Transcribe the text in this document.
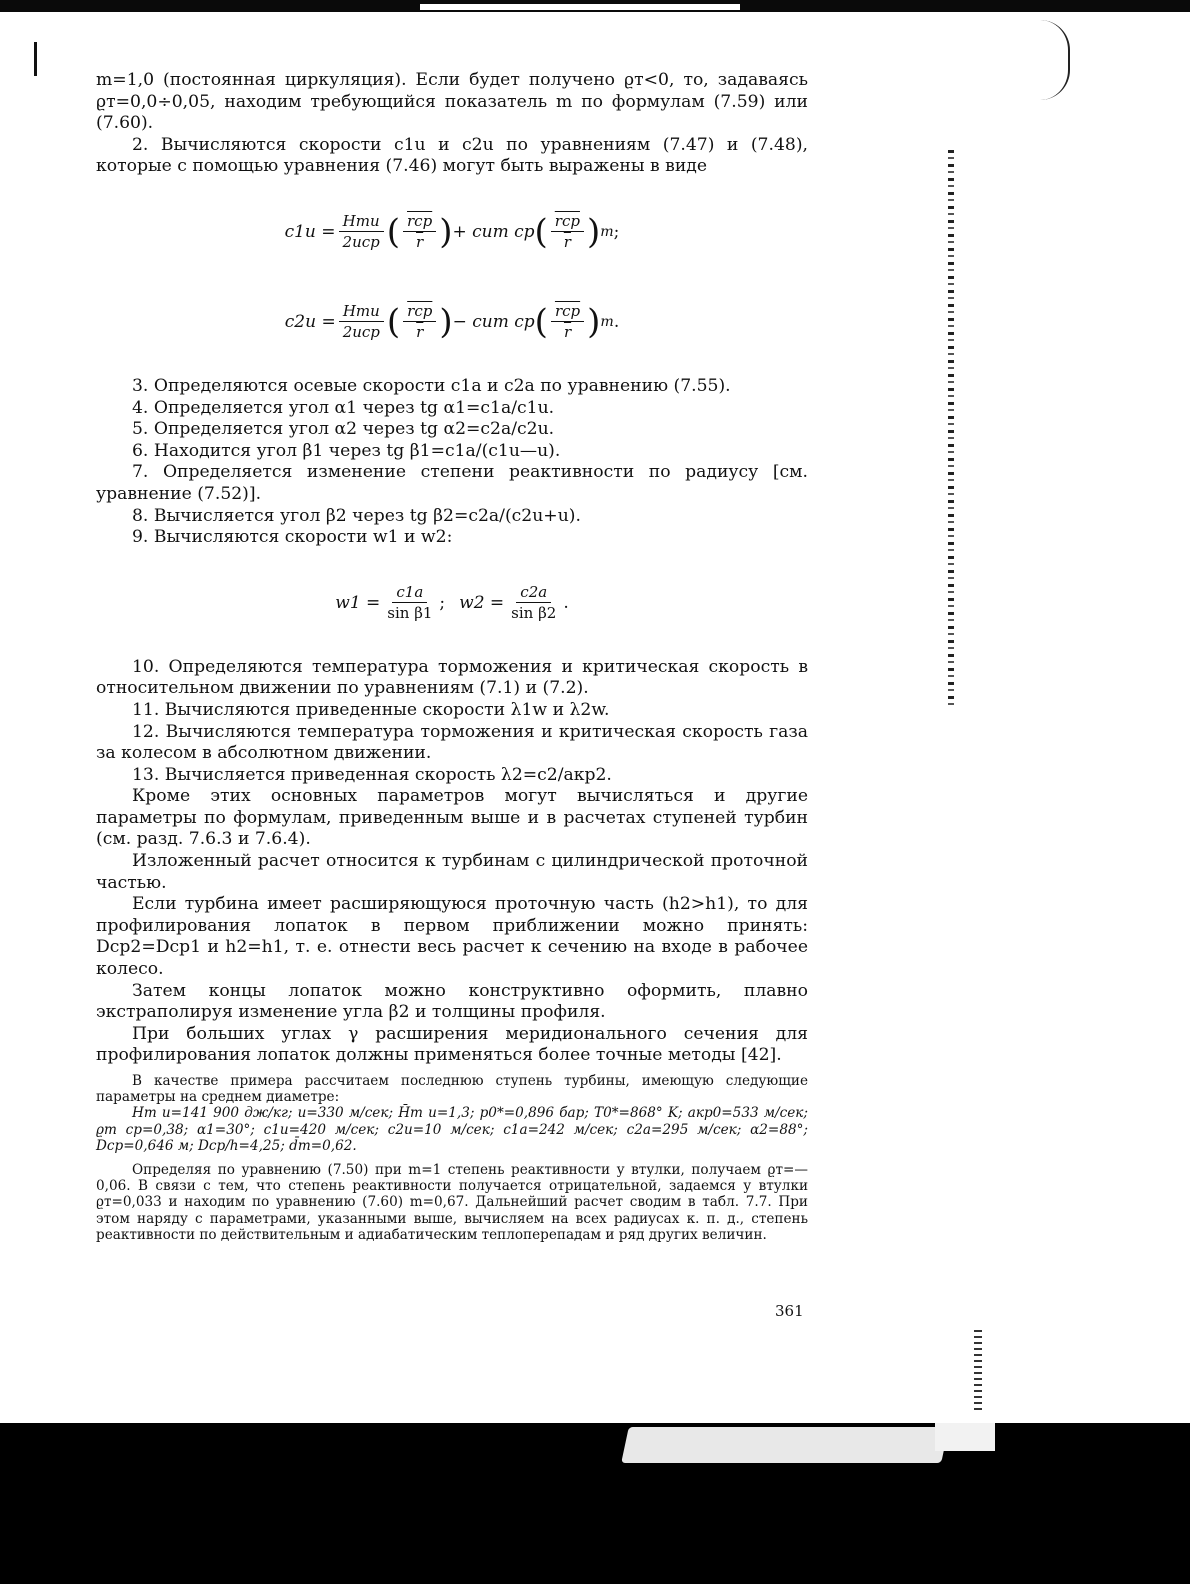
m=1,0 (постоянная циркуляция). Если будет получено ϱт<0, то, задаваясь ϱт=0,0÷0,05, находим требующийся показатель m по формулам (7.59) или (7.60).

2. Вычисляются скорости c1u и c2u по уравнениям (7.47) и (7.48), которые с помощью уравнения (7.46) могут быть выражены в виде

$c1u = \frac{\text{Hтu}}{\text{2uср}}$ ( $\frac{\text{rср}}{r}$ ) + cum ср ( $\frac{\text{rср}}{r}$ ) m ;
$c2u = \frac{\text{Hтu}}{\text{2uср}}$ ( $\frac{\text{rср}}{r}$ ) − cum ср ( $\frac{\text{rср}}{r}$ ) m .

3. Определяются осевые скорости c1a и c2a по уравнению (7.55).

4. Определяется угол α1 через tg α1=c1a/c1u.

5. Определяется угол α2 через tg α2=c2a/c2u.

6. Находится угол β1 через tg β1=c1a/(c1u—u).

7. Определяется изменение степени реактивности по радиусу [см. уравнение (7.52)].

8. Вычисляется угол β2 через tg β2=c2a/(c2u+u).

9. Вычисляются скорости w1 и w2:

$w1 = \frac{c1a}{\text{sin β1}}$ ; $w2 = \frac{c2a}{\text{sin β2}}$ .

10. Определяются температура торможения и критическая скорость в относительном движении по уравнениям (7.1) и (7.2).

11. Вычисляются приведенные скорости λ1w и λ2w.

12. Вычисляются температура торможения и критическая скорость газа за колесом в абсолютном движении.

13. Вычисляется приведенная скорость λ2=c2/aкр2.

Кроме этих основных параметров могут вычисляться и другие параметры по формулам, приведенным выше и в расчетах ступеней турбин (см. разд. 7.6.3 и 7.6.4).

Изложенный расчет относится к турбинам с цилиндрической проточной частью.

Если турбина имеет расширяющуюся проточную часть (h2>h1), то для профилирования лопаток в первом приближении можно принять: Dср2=Dср1 и h2=h1, т. е. отнести весь расчет к сечению на входе в рабочее колесо.

Затем концы лопаток можно конструктивно оформить, плавно экстраполируя изменение угла β2 и толщины профиля.

При больших углах γ расширения меридионального сечения для профилирования лопаток должны применяться более точные методы [42].

В качестве примера рассчитаем последнюю ступень турбины, имеющую следующие параметры на среднем диаметре:

Hт u=141 900 дж/кг; u=330 м/сек; H̄т u=1,3; p0*=0,896 бар; T0*=868° K; aкр0=533 м/сек; ϱт ср=0,38; α1=30°; c1u=420 м/сек; c2u=10 м/сек; c1a=242 м/сек; c2a=295 м/сек; α2=88°; Dср=0,646 м; Dср/h=4,25; d̄т=0,62.

Определяя по уравнению (7.50) при m=1 степень реактивности у втулки, получаем ϱт=—0,06. В связи с тем, что степень реактивности получается отрицательной, задаемся у втулки ϱт=0,033 и находим по уравнению (7.60) m=0,67. Дальнейший расчет сводим в табл. 7.7. При этом наряду с параметрами, указанными выше, вычисляем на всех радиусах к. п. д., степень реактивности по действительным и адиабатическим теплоперепадам и ряд других величин.

361
